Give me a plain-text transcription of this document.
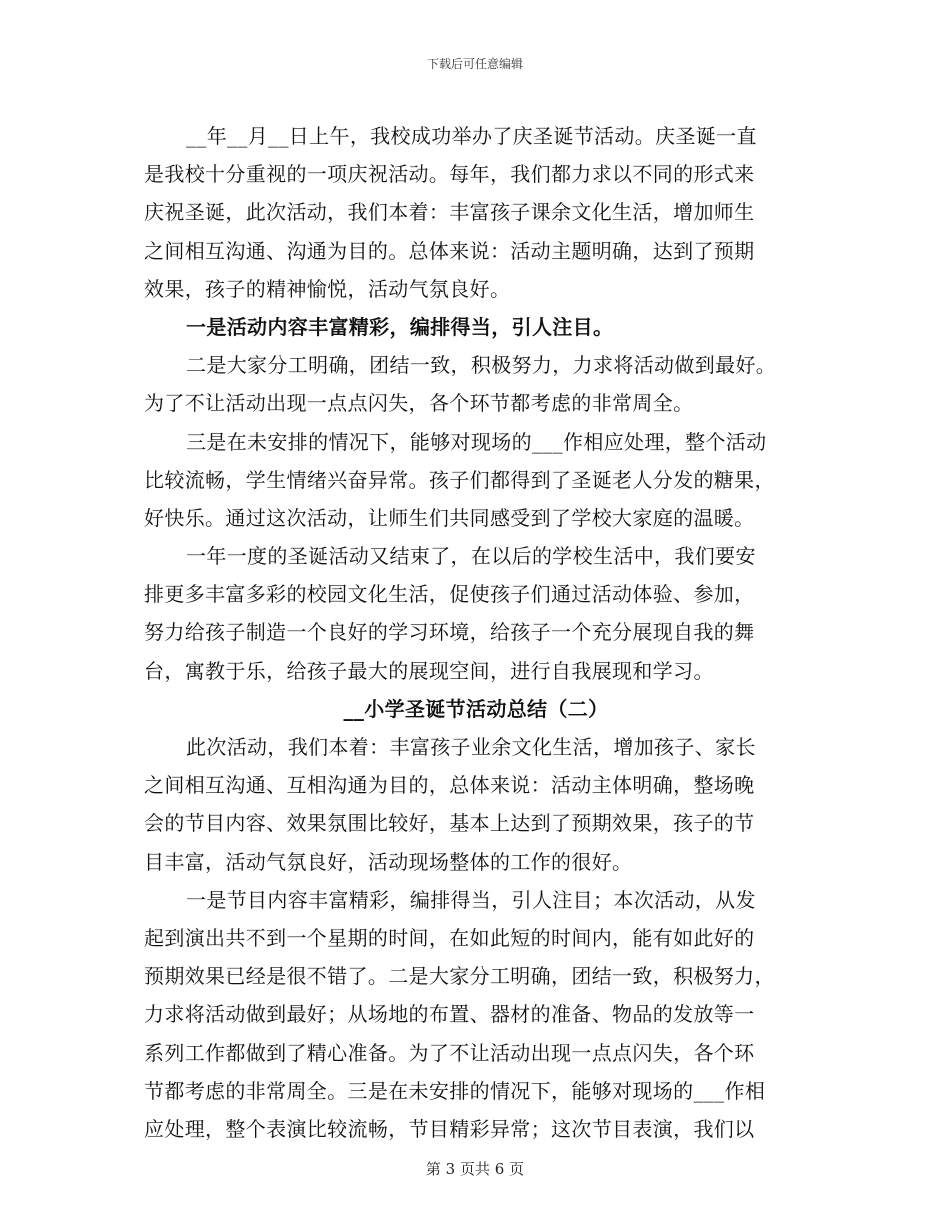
下载后可任意编辑
__年__月__日上午，我校成功举办了庆圣诞节活动。庆圣诞一直
是我校十分重视的一项庆祝活动。每年，我们都力求以不同的形式来
庆祝圣诞，此次活动，我们本着：丰富孩子课余文化生活，增加师生
之间相互沟通、沟通为目的。总体来说：活动主题明确，达到了预期
效果，孩子的精神愉悦，活动气氛良好。
一是活动内容丰富精彩，编排得当，引人注目。
二是大家分工明确，团结一致，积极努力，力求将活动做到最好。
为了不让活动出现一点点闪失，各个环节都考虑的非常周全。
三是在未安排的情况下，能够对现场的___作相应处理，整个活动
比较流畅，学生情绪兴奋异常。孩子们都得到了圣诞老人分发的糖果，
好快乐。通过这次活动，让师生们共同感受到了学校大家庭的温暖。
一年一度的圣诞活动又结束了，在以后的学校生活中，我们要安
排更多丰富多彩的校园文化生活，促使孩子们通过活动体验、参加，
努力给孩子制造一个良好的学习环境，给孩子一个充分展现自我的舞
台，寓教于乐，给孩子最大的展现空间，进行自我展现和学习。
__小学圣诞节活动总结（二）
此次活动，我们本着：丰富孩子业余文化生活，增加孩子、家长
之间相互沟通、互相沟通为目的，总体来说：活动主体明确，整场晚
会的节目内容、效果氛围比较好，基本上达到了预期效果，孩子的节
目丰富，活动气氛良好，活动现场整体的工作的很好。
一是节目内容丰富精彩，编排得当，引人注目；本次活动，从发
起到演出共不到一个星期的时间，在如此短的时间内，能有如此好的
预期效果已经是很不错了。二是大家分工明确，团结一致，积极努力，
力求将活动做到最好；从场地的布置、器材的准备、物品的发放等一
系列工作都做到了精心准备。为了不让活动出现一点点闪失，各个环
节都考虑的非常周全。三是在未安排的情况下，能够对现场的___作相
应处理，整个表演比较流畅，节目精彩异常；这次节目表演，我们以
第 3 页共 6 页
